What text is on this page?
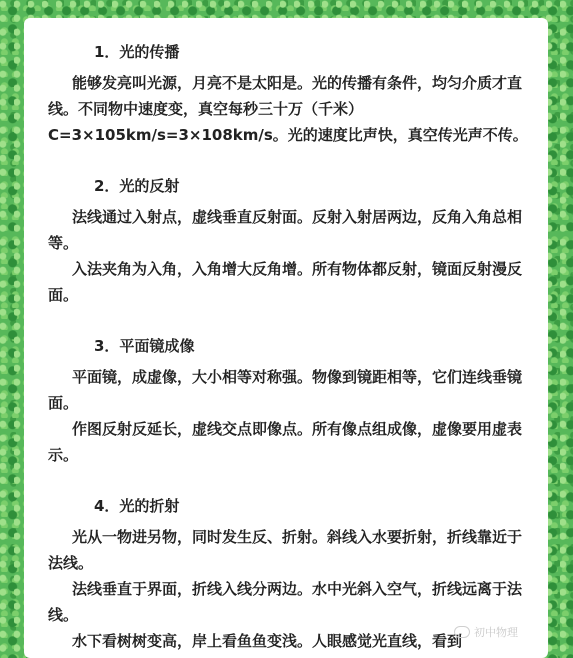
1．光的传播

能够发亮叫光源，月亮不是太阳是。光的传播有条件，均匀介质才直线。不同物中速度变，真空每秒三十万（千米）C=3×105km/s=3×108km/s。光的速度比声快，真空传光声不传。

2．光的反射

法线通过入射点，虚线垂直反射面。反射入射居两边，反角入角总相等。

入法夹角为入角，入角增大反角增。所有物体都反射，镜面反射漫反面。

3．平面镜成像

平面镜，成虚像，大小相等对称强。物像到镜距相等，它们连线垂镜面。

作图反射反延长，虚线交点即像点。所有像点组成像，虚像要用虚表示。

4．光的折射

光从一物进另物，同时发生反、折射。斜线入水要折射，折线靠近于法线。

法线垂直于界面，折线入线分两边。水中光斜入空气，折线远离于法线。

水下看树树变高，岸上看鱼鱼变浅。人眼感觉光直线，看到	初中物理
